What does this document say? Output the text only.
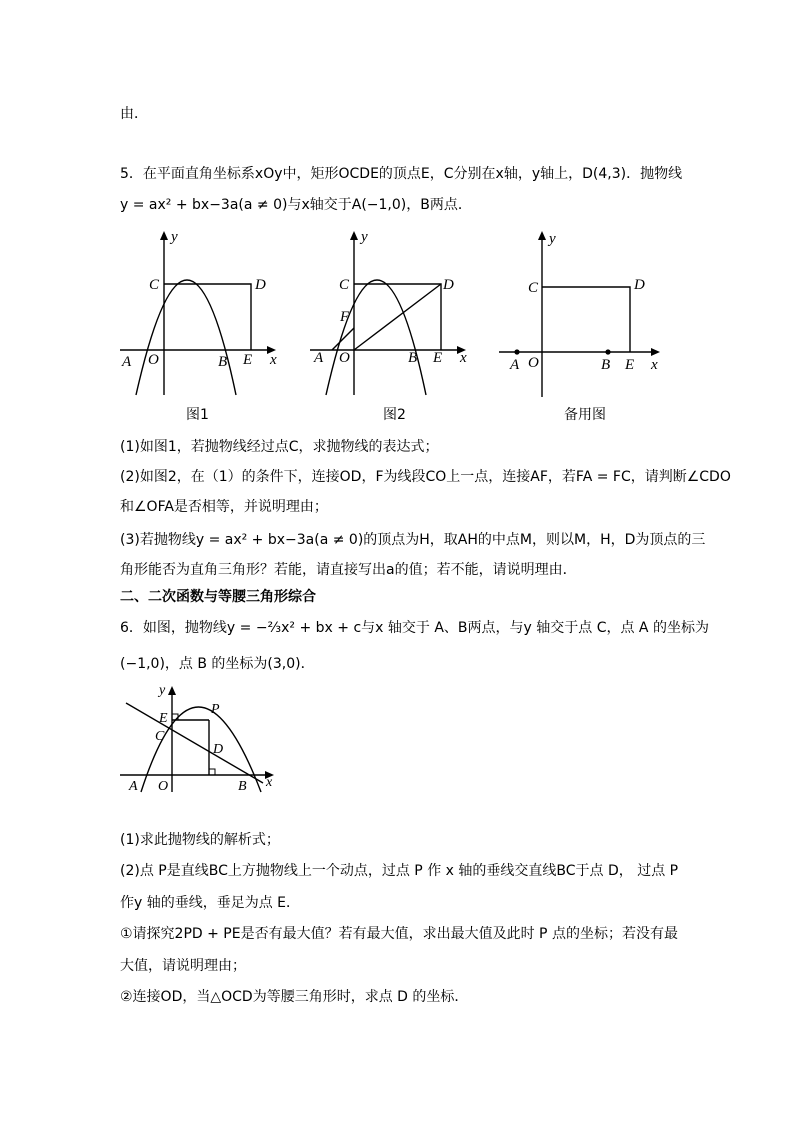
由．
5．在平面直角坐标系xOy中，矩形OCDE的顶点E，C分别在x轴，y轴上，D(4,3)．抛物线
y = ax² + bx−3a(a ≠ 0)与x轴交于A(−1,0)，B两点．
y
C	D
A O	B E x
图1
y
C	D
F
A O	B E x
图2
y
C	D
A O	B E x
备用图
(1)如图1，若抛物线经过点C，求抛物线的表达式；
(2)如图2，在（1）的条件下，连接OD，F为线段CO上一点，连接AF，若FA = FC，请判断∠CDO
和∠OFA是否相等，并说明理由；
(3)若抛物线y = ax² + bx−3a(a ≠ 0)的顶点为H，取AH的中点M，则以M，H，D为顶点的三
角形能否为直角三角形？若能，请直接写出a的值；若不能，请说明理由．
二、二次函数与等腰三角形综合
6．如图，抛物线y = −⅔x² + bx + c与x 轴交于 A、B两点，与y 轴交于点 C，点 A 的坐标为
(−1,0)，点 B 的坐标为(3,0)．
y
E
P
C
D
A O	B x
(1)求此抛物线的解析式；
(2)点 P是直线BC上方抛物线上一个动点，过点 P 作 x 轴的垂线交直线BC于点 D， 过点 P
作y 轴的垂线，垂足为点 E．
①请探究2PD + PE是否有最大值？若有最大值，求出最大值及此时 P 点的坐标；若没有最
大值，请说明理由；
②连接OD，当△OCD为等腰三角形时，求点 D 的坐标．
